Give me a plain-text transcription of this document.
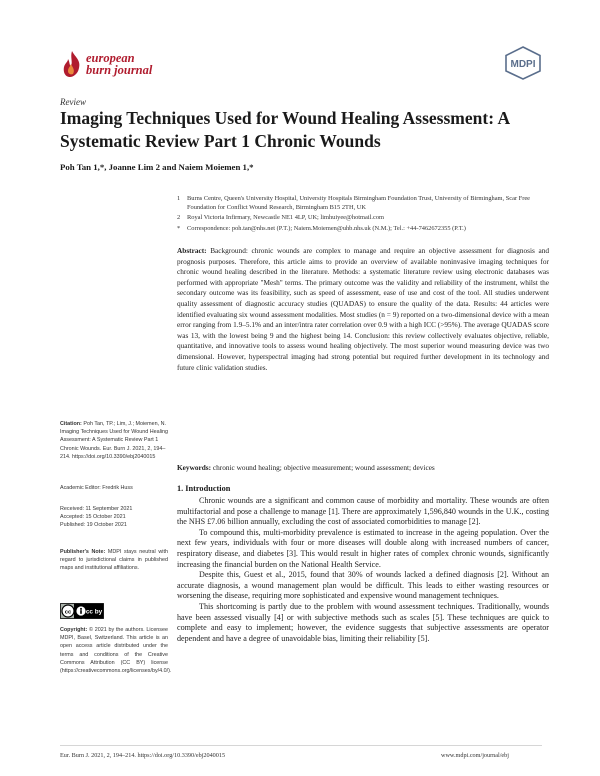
european
burn journal	MDPI
Review
Imaging Techniques Used for Wound Healing Assessment: A Systematic Review Part 1 Chronic Wounds
Poh Tan 1,*, Joanne Lim 2 and Naiem Moiemen 1,*
1 Burns Centre, Queen's University Hospital, University Hospitals Birmingham Foundation Trust, University of Birmingham, Scar Free Foundation for Conflict Wound Research, Birmingham B15 2TH, UK
2 Royal Victoria Infirmary, Newcastle NE1 4LP, UK; limhuiyee@hotmail.com
* Correspondence: poh.tan@nhs.net (P.T.); Naiem.Moiemen@uhb.nhs.uk (N.M.); Tel.: +44-7462672355 (P.T.)
Abstract: Background: chronic wounds are complex to manage and require an objective assessment for diagnosis and prognosis purposes. Therefore, this article aims to provide an overview of available noninvasive imaging techniques for chronic wound healing described in the literature. Methods: a systematic literature review using electronic databases was performed with appropriate "Mesh" terms. The primary outcome was the validity and reliability of the instrument, whilst the secondary outcome was its feasibility, such as speed of assessment, ease of use and cost of the tool. All studies underwent quality assessment of diagnostic accuracy studies (QUADAS) to ensure the quality of the data. Results: 44 articles were identified evaluating six wound assessment modalities. Most studies (n = 9) reported on a two-dimensional device with a mean error ranging from 1.9–5.1% and an inter/intra rater correlation over 0.9 with a high ICC (>95%). The average QUADAS score was 13, with the lowest being 9 and the highest being 14. Conclusion: this review collectively evaluates objective, reliable, quantitative, and innovative tools to assess wound healing objectively. The most superior wound measuring device was two dimensional. However, hyperspectral imaging had strong potential but required further development in its technology and future clinic validation studies.
Keywords: chronic wound healing; objective measurement; wound assessment; devices
Citation: Poh Tan, TP.; Lim, J.; Moiemen, N. Imaging Techniques Used for Wound Healing Assessment: A Systematic Review Part 1 Chronic Wounds. Eur. Burn J. 2021, 2, 194–214. https://doi.org/10.3390/ebj2040015
Academic Editor: Fredrik Huss
Received: 11 September 2021
Accepted: 15 October 2021
Published: 19 October 2021
Publisher's Note: MDPI stays neutral with regard to jurisdictional claims in published maps and institutional affiliations.
cc cc by
Copyright: © 2021 by the authors. Licensee MDPI, Basel, Switzerland. This article is an open access article distributed under the terms and conditions of the Creative Commons Attribution (CC BY) license (https://creativecommons.org/licenses/by/4.0/).
1. Introduction

Chronic wounds are a significant and common cause of morbidity and mortality. These wounds are often multifactorial and pose a challenge to manage [1]. There are approximately 1,596,840 wounds in the U.K., costing the NHS £7.06 billion annually, excluding the cost of associated comorbidities to manage [2].

To compound this, multi-morbidity prevalence is estimated to increase in the ageing population. Over the next few years, individuals with four or more diseases will double along with increased numbers of cancer, respiratory disease, and diabetes [3]. This would result in higher rates of complex chronic wounds, significantly increasing the financial burden on the National Health Service.

Despite this, Guest et al., 2015, found that 30% of wounds lacked a defined diagnosis [2]. Without an accurate diagnosis, a wound management plan would be difficult. This leads to either wasting resources or worsening the disease, requiring more sophisticated and expensive wound management techniques.

This shortcoming is partly due to the problem with wound assessment techniques. Traditionally, wounds have been assessed visually [4] or with subjective methods such as scales [5]. These techniques are quick to complete and easy to implement; however, the evidence suggests that subjective assessments are operator dependent and have a degree of unavoidable bias, limiting their reliability [5].

Eur. Burn J. 2021, 2, 194–214. https://doi.org/10.3390/ebj2040015	www.mdpi.com/journal/ebj
